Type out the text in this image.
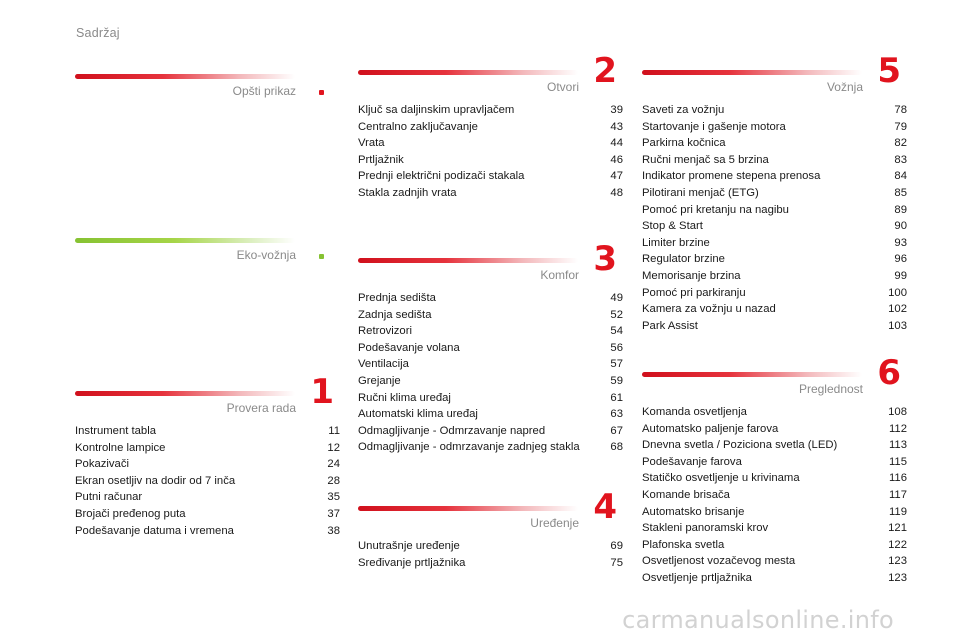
Sadržaj
Opšti prikaz
Eko-vožnja
Provera rada 1
Instrument tabla	11
Kontrolne lampice	12
Pokazivači	24
Ekran osetljiv na dodir od 7 inča	28
Putni računar	35
Brojači pređenog puta	37
Podešavanje datuma i vremena	38
Otvori 2
Ključ sa daljinskim upravljačem	39
Centralno zaključavanje	43
Vrata	44
Prtljažnik	46
Prednji električni podizači stakala	47
Stakla zadnjih vrata	48
Komfor 3
Prednja sedišta	49
Zadnja sedišta	52
Retrovizori	54
Podešavanje volana	56
Ventilacija	57
Grejanje	59
Ručni klima uređaj	61
Automatski klima uređaj	63
Odmagljivanje - Odmrzavanje napred	67
Odmagljivanje - odmrzavanje zadnjeg stakla	68
Uređenje 4
Unutrašnje uređenje	69
Sređivanje prtljažnika	75
Vožnja 5
Saveti za vožnju	78
Startovanje i gašenje motora	79
Parkirna kočnica	82
Ručni menjač sa 5 brzina	83
Indikator promene stepena prenosa	84
Pilotirani menjač (ETG)	85
Pomoć pri kretanju na nagibu	89
Stop & Start	90
Limiter brzine	93
Regulator brzine	96
Memorisanje brzina	99
Pomoć pri parkiranju	100
Kamera za vožnju u nazad	102
Park Assist	103
Preglednost 6
Komanda osvetljenja	108
Automatsko paljenje farova	112
Dnevna svetla / Poziciona svetla (LED)	113
Podešavanje farova	115
Statičko osvetljenje u krivinama	116
Komande brisača	117
Automatsko brisanje	119
Stakleni panoramski krov	121
Plafonska svetla	122
Osvetljenost vozačevog mesta	123
Osvetljenje prtljažnika	123
carmanualsonline.info
